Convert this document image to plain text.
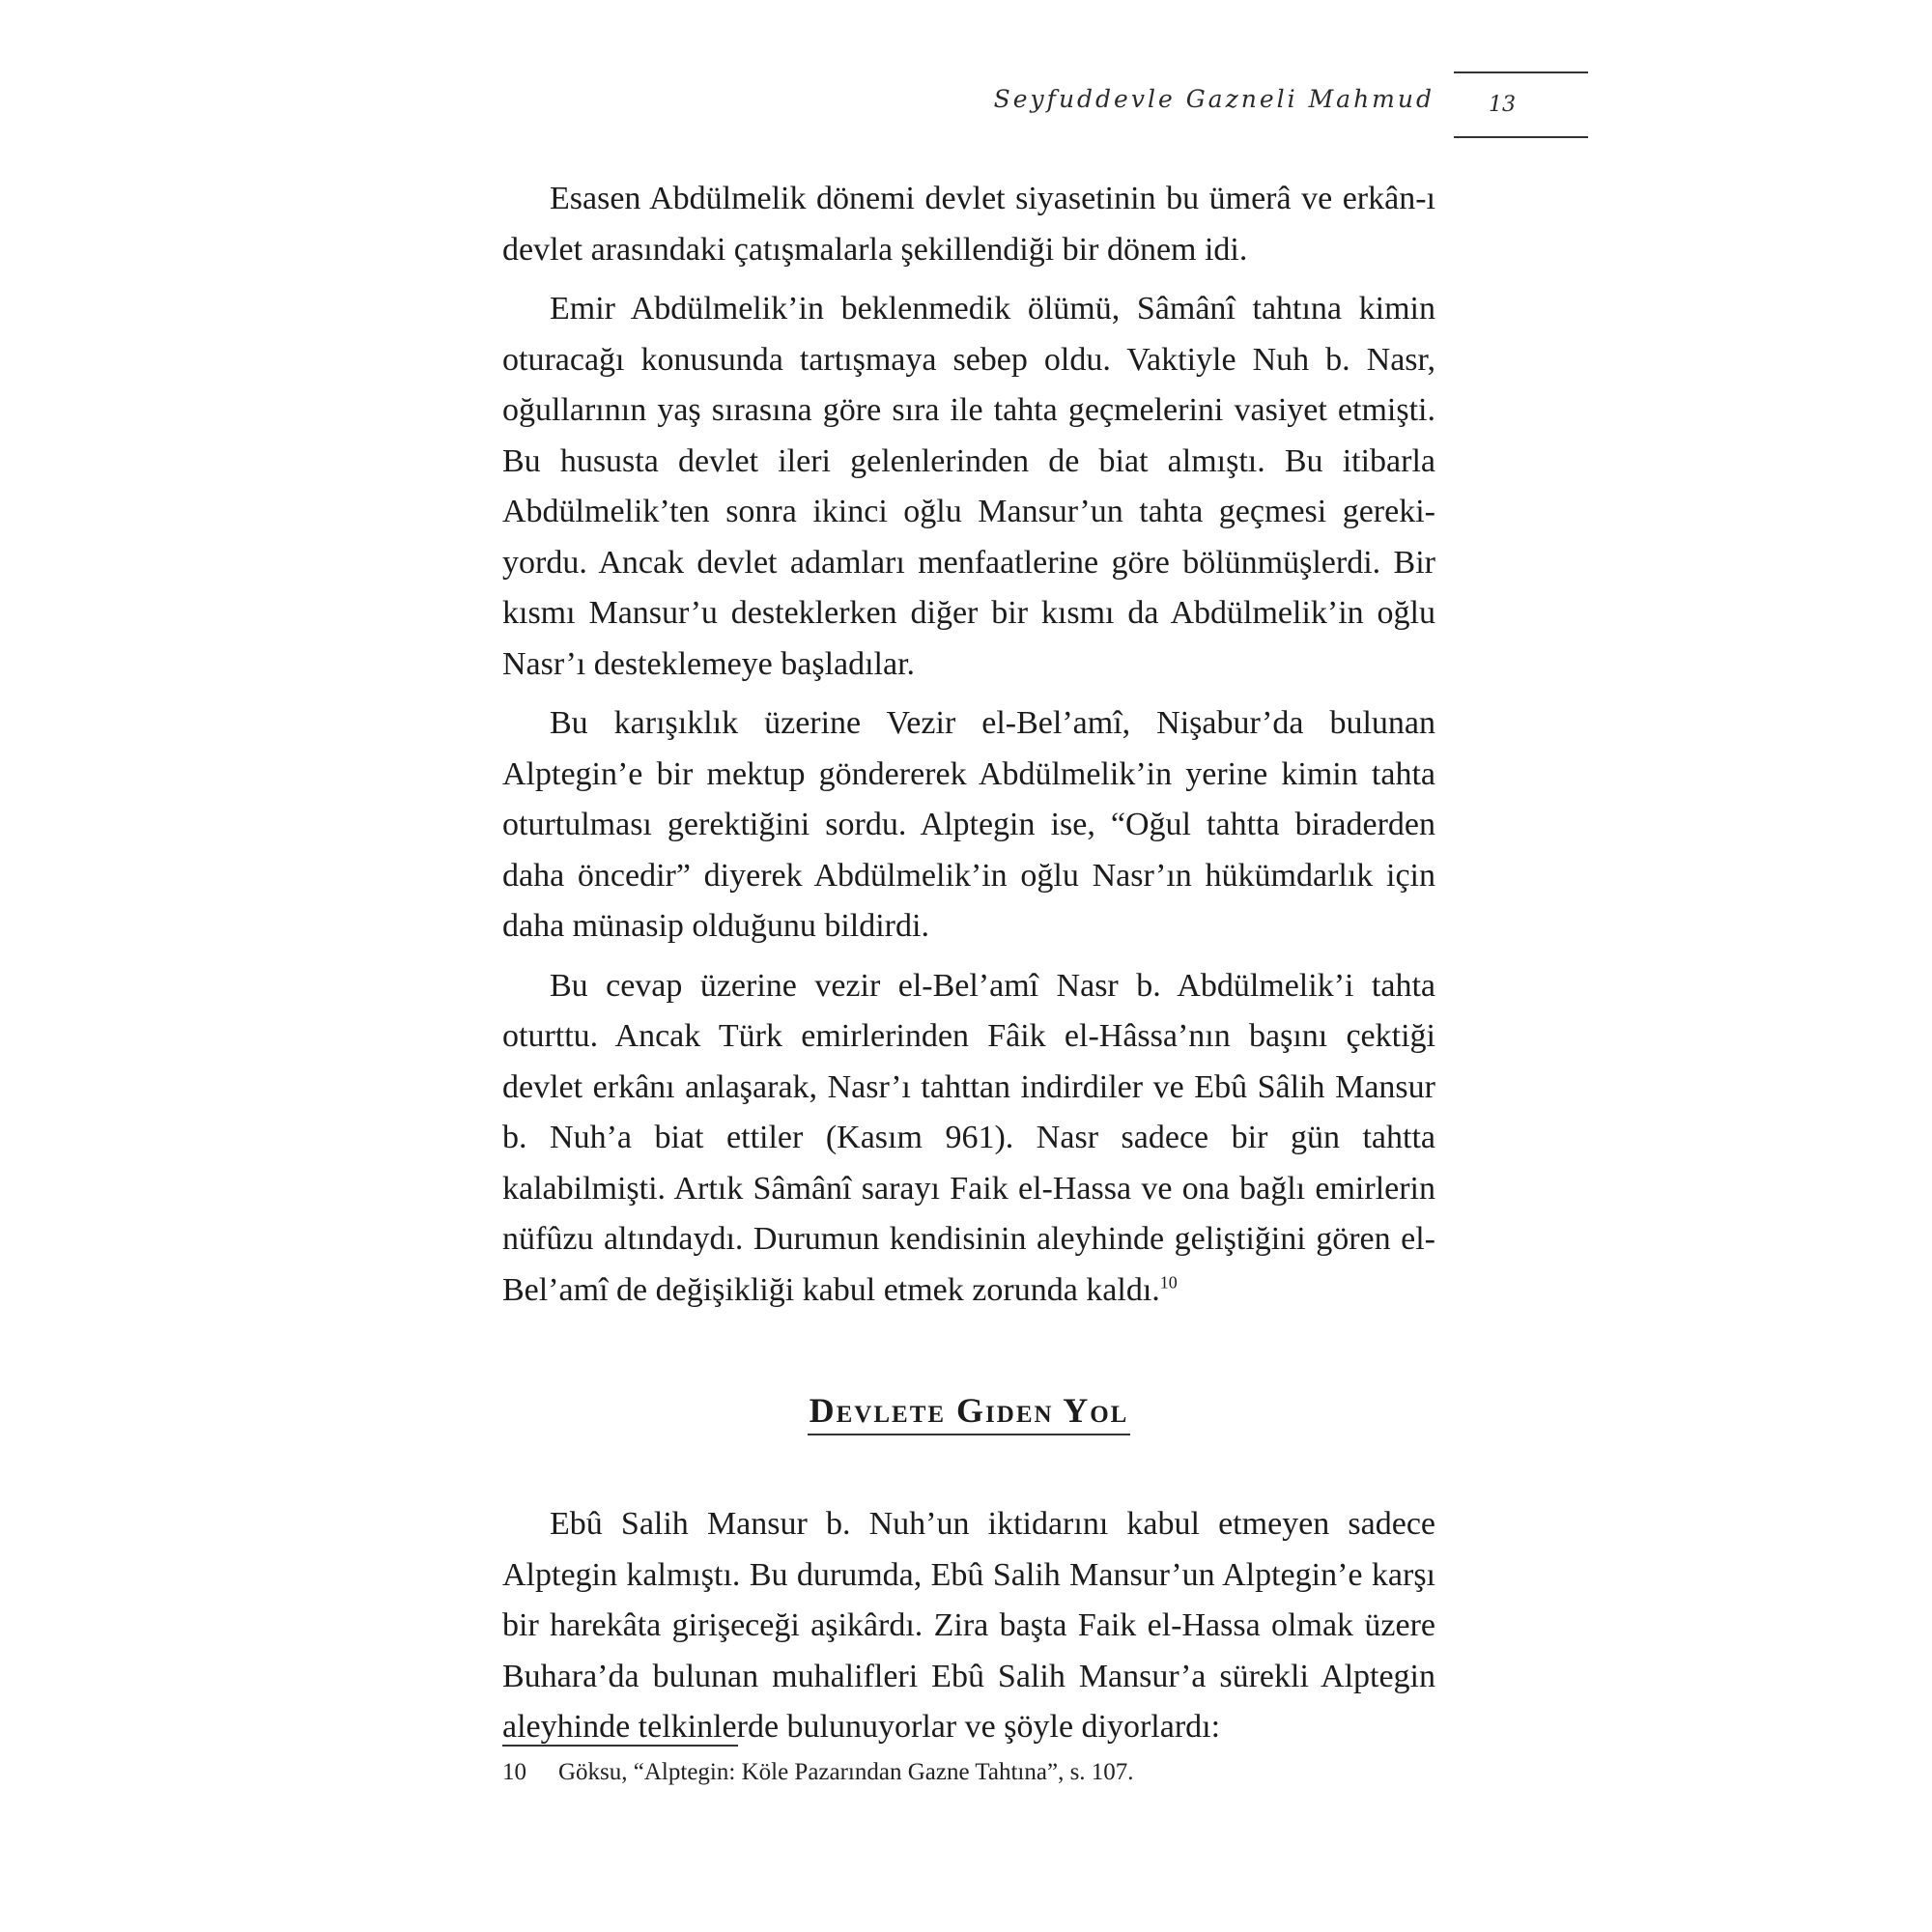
Seyfuddevle Gazneli Mahmud	13

Esasen Abdülmelik dönemi devlet siyasetinin bu ümerâ ve erkân-ı devlet arasındaki çatışmalarla şekillendiği bir dönem idi.

Emir Abdülmelik’in beklenmedik ölümü, Sâmânî tahtına kimin oturacağı konusunda tartışmaya sebep oldu. Vaktiyle Nuh b. Nasr, oğullarının yaş sırasına göre sıra ile tahta geçmelerini vasiyet etmişti. Bu hususta devlet ileri gelenlerinden de biat almıştı. Bu itibarla Abdülmelik’ten sonra ikinci oğlu Mansur’un tahta geçmesi gerekiyordu. Ancak devlet adamları menfaatlerine göre bölünmüşlerdi. Bir kısmı Mansur’u desteklerken diğer bir kısmı da Abdülmelik’in oğlu Nasr’ı desteklemeye başladılar.

Bu karışıklık üzerine Vezir el-Bel’amî, Nişabur’da bulunan Alptegin’e bir mektup göndererek Abdülmelik’in yerine kimin tahta oturtulması gerektiğini sordu. Alptegin ise, “Oğul tahtta biraderden daha öncedir” diyerek Abdülmelik’in oğlu Nasr’ın hükümdarlık için daha münasip olduğunu bildirdi.

Bu cevap üzerine vezir el-Bel’amî Nasr b. Abdülmelik’i tahta oturttu. Ancak Türk emirlerinden Fâik el-Hâssa’nın başını çektiği devlet erkânı anlaşarak, Nasr’ı tahttan indirdiler ve Ebû Sâlih Mansur b. Nuh’a biat ettiler (Kasım 961). Nasr sadece bir gün tahtta kalabilmişti. Artık Sâmânî sarayı Faik el-Hassa ve ona bağlı emirlerin nüfûzu altındaydı. Durumun kendisinin aleyhinde geliştiğini gören el-Bel’amî de değişikliği kabul etmek zorunda kaldı.$^{10}$

Devlete Giden Yol

Ebû Salih Mansur b. Nuh’un iktidarını kabul etmeyen sadece Alptegin kalmıştı. Bu durumda, Ebû Salih Mansur’un Alptegin’e karşı bir harekâta girişeceği aşikârdı. Zira başta Faik el-Hassa olmak üzere Buhara’da bulunan muhalifleri Ebû Salih Mansur’a sürekli Alptegin aleyhinde telkinlerde bulunuyorlar ve şöyle diyorlardı:

10 Göksu, “Alptegin: Köle Pazarından Gazne Tahtına”, s. 107.
